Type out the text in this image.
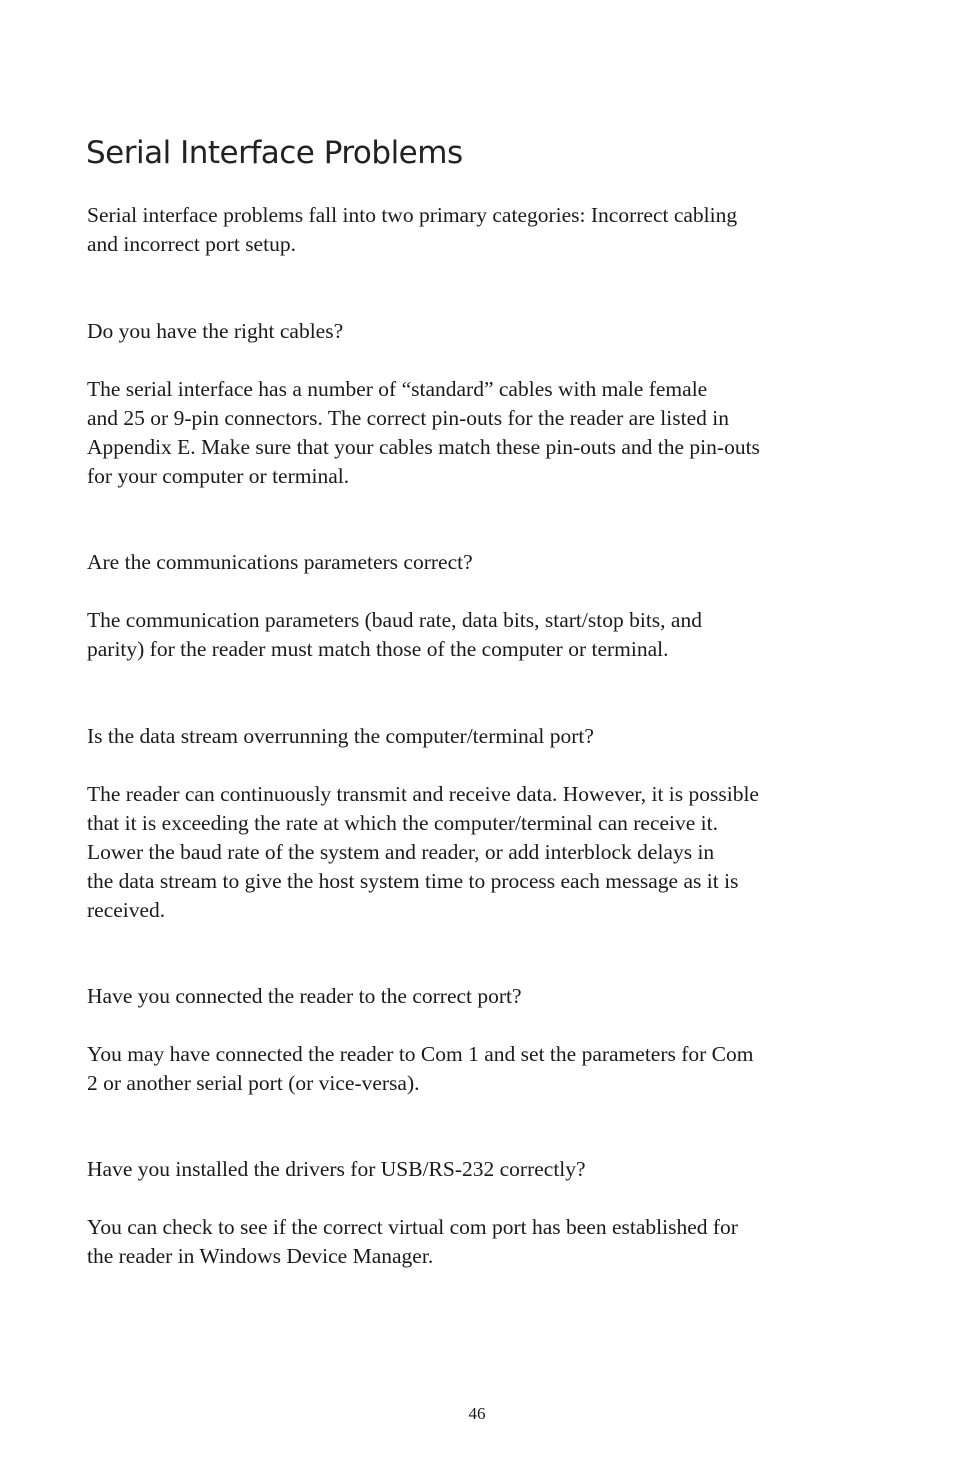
Serial Interface Problems

Serial interface problems fall into two primary categories: Incorrect cabling
and incorrect port setup.

Do you have the right cables?

The serial interface has a number of “standard” cables with male female
and 25 or 9-pin connectors. The correct pin-outs for the reader are listed in
Appendix E. Make sure that your cables match these pin-outs and the pin-outs
for your computer or terminal.

Are the communications parameters correct?

The communication parameters (baud rate, data bits, start/stop bits, and
parity) for the reader must match those of the computer or terminal.

Is the data stream overrunning the computer/terminal port?

The reader can continuously transmit and receive data. However, it is possible
that it is exceeding the rate at which the computer/terminal can receive it.
Lower the baud rate of the system and reader, or add interblock delays in
the data stream to give the host system time to process each message as it is
received.

Have you connected the reader to the correct port?

You may have connected the reader to Com 1 and set the parameters for Com
2 or another serial port (or vice-versa).

Have you installed the drivers for USB/RS-232 correctly?

You can check to see if the correct virtual com port has been established for
the reader in Windows Device Manager.

46
